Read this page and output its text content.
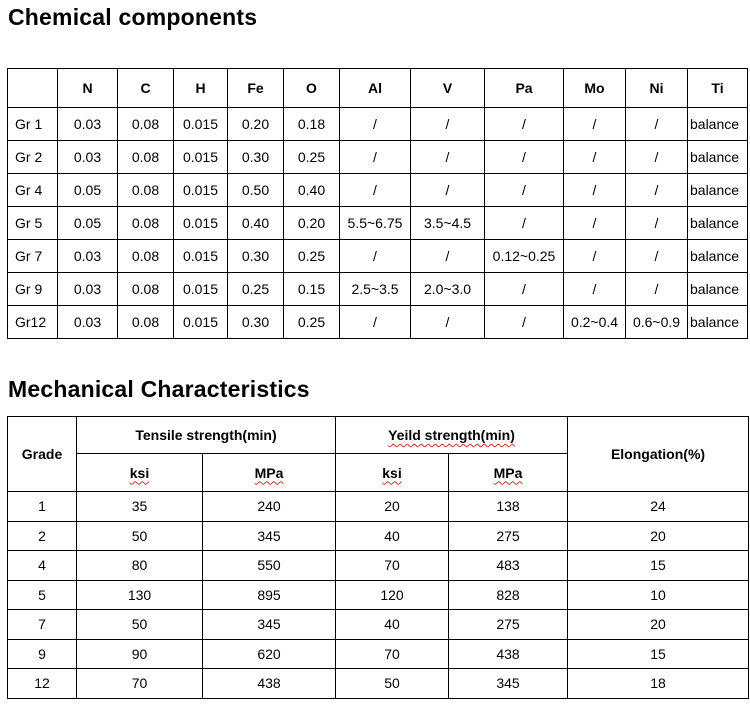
Chemical components
	N	C	H	Fe	O	Al	V	Pa	Mo	Ni	Ti
Gr 1	0.03	0.08	0.015	0.20	0.18	/	/	/	/	/	balance
Gr 2	0.03	0.08	0.015	0.30	0.25	/	/	/	/	/	balance
Gr 4	0.05	0.08	0.015	0.50	0.40	/	/	/	/	/	balance
Gr 5	0.05	0.08	0.015	0.40	0.20	5.5~6.75	3.5~4.5	/	/	/	balance
Gr 7	0.03	0.08	0.015	0.30	0.25	/	/	0.12~0.25	/	/	balance
Gr 9	0.03	0.08	0.015	0.25	0.15	2.5~3.5	2.0~3.0	/	/	/	balance
Gr12	0.03	0.08	0.015	0.30	0.25	/	/	/	0.2~0.4	0.6~0.9	balance
Mechanical Characteristics
Grade	Tensile strength(min)		Yeild strength(min)		Elongation(%)
	ksi	MPa	ksi	MPa	
1	35	240	20	138	24
2	50	345	40	275	20
4	80	550	70	483	15
5	130	895	120	828	10
7	50	345	40	275	20
9	90	620	70	438	15
12	70	438	50	345	18
